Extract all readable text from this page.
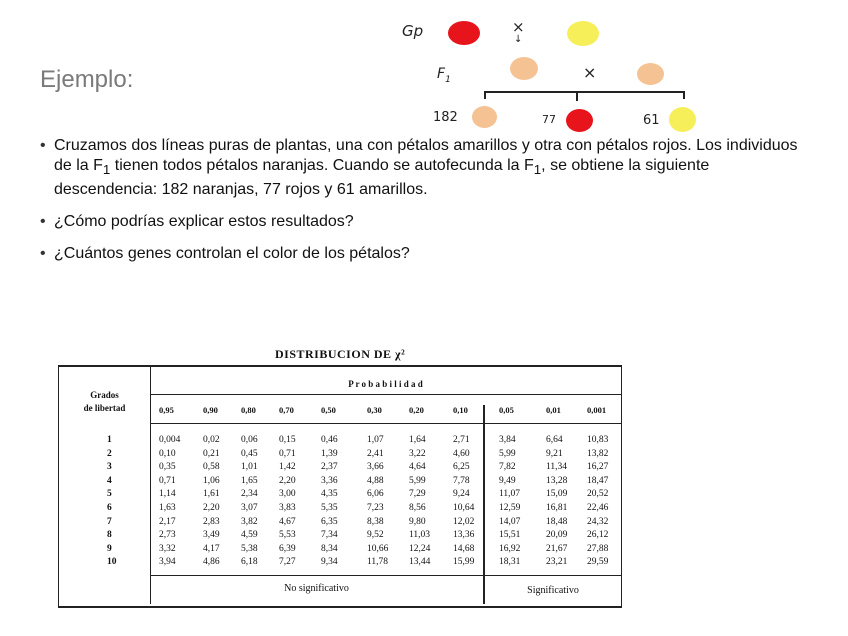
Ejemplo:
Gp	×
↓
$F_1$	×
182	77	61
• Cruzamos dos líneas puras de plantas, una con pétalos amarillos y otra con pétalos rojos. Los individuos de la $F_1$ tienen todos pétalos naranjas. Cuando se autofecunda la $F_1$, se obtiene la siguiente descendencia: 182 naranjas, 77 rojos y 61 amarillos.
• ¿Cómo podrías explicar estos resultados?
• ¿Cuántos genes controlan el color de los pétalos?
DISTRIBUCION DE χ²
Grados
de libertad
P r o b a b i l i d a d
0,95	0,90	0,80	0,70	0,50	0,30	0,20	0,10	0,05	0,01	0,001
1	0,004 0,02 0,06 0,15	0,46	1,07	1,64	2,71	3,84	6,64	10,83
2	0,10	0,21 0,45 0,71	1,39	2,41	3,22	4,60	5,99	9,21	13,82
3	0,35	0,58 1,01 1,42	2,37	3,66	4,64	6,25	7,82	11,34 16,27
4	0,71	1,06 1,65 2,20	3,36	4,88	5,99	7,78	9,49	13,28 18,47
5	1,14	1,61 2,34 3,00	4,35	6,06	7,29	9,24	11,07	15,09 20,52
6	1,63	2,20 3,07 3,83	5,35	7,23	8,56	10,64	12,59	16,81 22,46
7	2,17	2,83 3,82 4,67	6,35	8,38	9,80	12,02	14,07	18,48 24,32
8	2,73	3,49 4,59 5,53	7,34	9,52	11,03 13,36	15,51	20,09 26,12
9	3,32	4,17 5,38 6,39	8,34	10,66 12,24 14,68	16,92	21,67 27,88
10	3,94	4,86 6,18 7,27	9,34	11,78 13,44 15,99	18,31	23,21 29,59
No significativo	Significativo
